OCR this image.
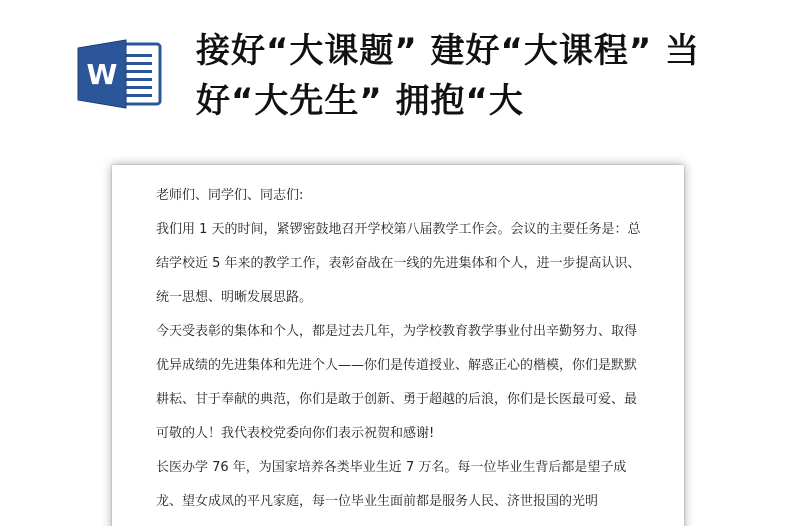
W
接好“大课题” 建好“大课程” 当好“大先生” 拥抱“大

老师们、同学们、同志们:

我们用 1 天的时间，紧锣密鼓地召开学校第八届教学工作会。会议的主要任务是：总结学校近 5 年来的教学工作，表彰奋战在一线的先进集体和个人，进一步提高认识、统一思想、明晰发展思路。

今天受表彰的集体和个人，都是过去几年，为学校教育教学事业付出辛勤努力、取得优异成绩的先进集体和先进个人——你们是传道授业、解惑正心的楷模，你们是默默耕耘、甘于奉献的典范，你们是敢于创新、勇于超越的后浪，你们是长医最可爱、最可敬的人！我代表校党委向你们表示祝贺和感谢!

长医办学 76 年，为国家培养各类毕业生近 7 万名。每一位毕业生背后都是望子成龙、望女成凤的平凡家庭，每一位毕业生面前都是服务人民、济世报国的光明
